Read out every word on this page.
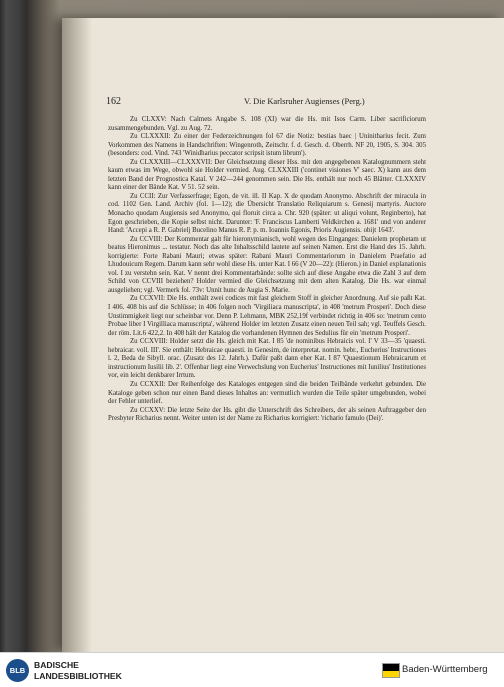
162	V. Die Karlsruher Augienses (Perg.)

Zu CLXXV: Nach Calmets Angabe S. 108 (XI) war die Hs. mit Isos Carm. Liber sacrificiorum zusammengebunden. Vgl. zu Aug. 72.

Zu CLXXXII: Zu einer der Federzeichnungen fol 67 die Notiz: bestias haec | Uninitharius fecit. Zum Vorkommen des Namens in Handschriften: Wingenroth, Zeitschr. f. d. Gesch. d. Oberrh. NF 20, 1905, S. 304. 305 (besonders: cod. Vind. 743 'Winidharius peccator scripsit istum librum').

Zu CLXXXIII—CLXXXVII: Der Gleichsetzung dieser Hss. mit den angegebenen Katalognummern steht kaum etwas im Wege, obwohl sie Holder vermied. Aug. CLXXXIII ('continet visiones V' saec. X) kann aus dem letzten Band der Prognostica Katal. V 242—244 genommen sein. Die Hs. enthält nur noch 45 Blätter. CLXXXIV kann einer der Bände Kat. V 51. 52 sein.

Zu CCII: Zur Verfasserfrage; Egon, de vit. ill. II Kap. X de quodam Anonymo. Abschrift der miracula in cod. 1102 Gen. Land. Archiv (fol. 1—12); die Übersicht Translatio Reliquiarum s. Genesij martyris. Auctore Monacho quodam Augiensis sed Anonymo, qui floruit circa a. Chr. 920 (später: ut aliqui volunt, Reginberto), hat Egon geschrieben, die Kopie selbst nicht. Darunter: 'F. Franciscus Lamberti Veldkirchen a. 1681' und von anderer Hand: 'Accepi a R. P. Gabrielj Bucelino Manus R. P. p. m. Ioannis Egonis, Prioris Augiensis. obijt 1643'.

Zu CCVIII: Der Kommentar galt für hieronymianisch, wohl wegen des Einganges: Danielem prophetam ut beatus Hieronimus ... testatur. Noch das alte Inhaltsschild lautete auf seinen Namen. Erst die Hand des 15. Jahrh. korrigierte: Forte Rabani Mauri; etwas später: Rabani Mauri Commentariorum in Danielem Praefatio ad Lhudouicum Regem. Darum kann sehr wohl diese Hs. unter Kat. I 66 (V 20—22): (Hieron.) in Daniel explanationis vol. I zu verstehn sein. Kat. V nennt drei Kommentarbände: sollte sich auf diese Angabe etwa die Zahl 3 auf dem Schild von CCVIII beziehen? Holder vermied die Gleichsetzung mit dem alten Katalog. Die Hs. war einmal ausgeliehen; vgl. Vermerk fol. 73v: Unnit hunc de Augia S. Marie.

Zu CCXVII: Die Hs. enthält zwei codices mit fast gleichem Stoff in gleicher Anordnung. Auf sie paßt Kat. I 406. 408 bis auf die Schlüsse; in 406 folgen noch 'Virgiliaca manuscripta', in 408 'metrum Prosperi'. Doch diese Unstimmigkeit liegt nur scheinbar vor. Denn P. Lehmann, MBK 252,19f verbindet richtig in 406 so: 'metrum cento Probae liber I Virgilliaca manuscripta', während Holder im letzten Zusatz einen neuen Teil sah; vgl. Teuffels Gesch. der röm. Lit.6 422,2. In 408 hält der Katalog die vorhandenen Hymnen des Sedulius für ein 'metrum Prosperi'.

Zu CCXVIII: Holder setzt die Hs. gleich mit Kat. I 85 'de nominibus Hebraicis vol. I' V 33—35 'quaesti. hebraicar. voll. III'. Sie enthält: Hebraicae quaesti. in Genesim, de interpretat. nomin. hebr., Eucherius' Instructiones l. 2, Beda de Sibyll. orac. (Zusatz des 12. Jahrh.). Dafür paßt dann eher Kat. I 87 'Quaestionum Hebraicarum et instructionum Iusilii lib. 2'. Offenbar liegt eine Verwechslung von Eucherius' Instructiones mit Iunilius' Institutiones vor, ein leicht denkbarer Irrtum.

Zu CCXXII: Der Reihenfolge des Kataloges entgegen sind die beiden Teilbände verkehrt gebunden. Die Kataloge geben schon nur einen Band dieses Inhaltes an: vermutlich wurden die Teile später umgebunden, wobei der Fehler unterlief.

Zu CCXXV: Die letzte Seite der Hs. gibt die Unterschrift des Schreibers, der als seinen Auftraggeber den Presbyter Richarius nennt. Weiter unten ist der Name zu Richarius korrigiert: 'richario famulo (Dei)'.

BLB
BADISCHE
LANDESBIBLIOTHEK
Baden-Württemberg
